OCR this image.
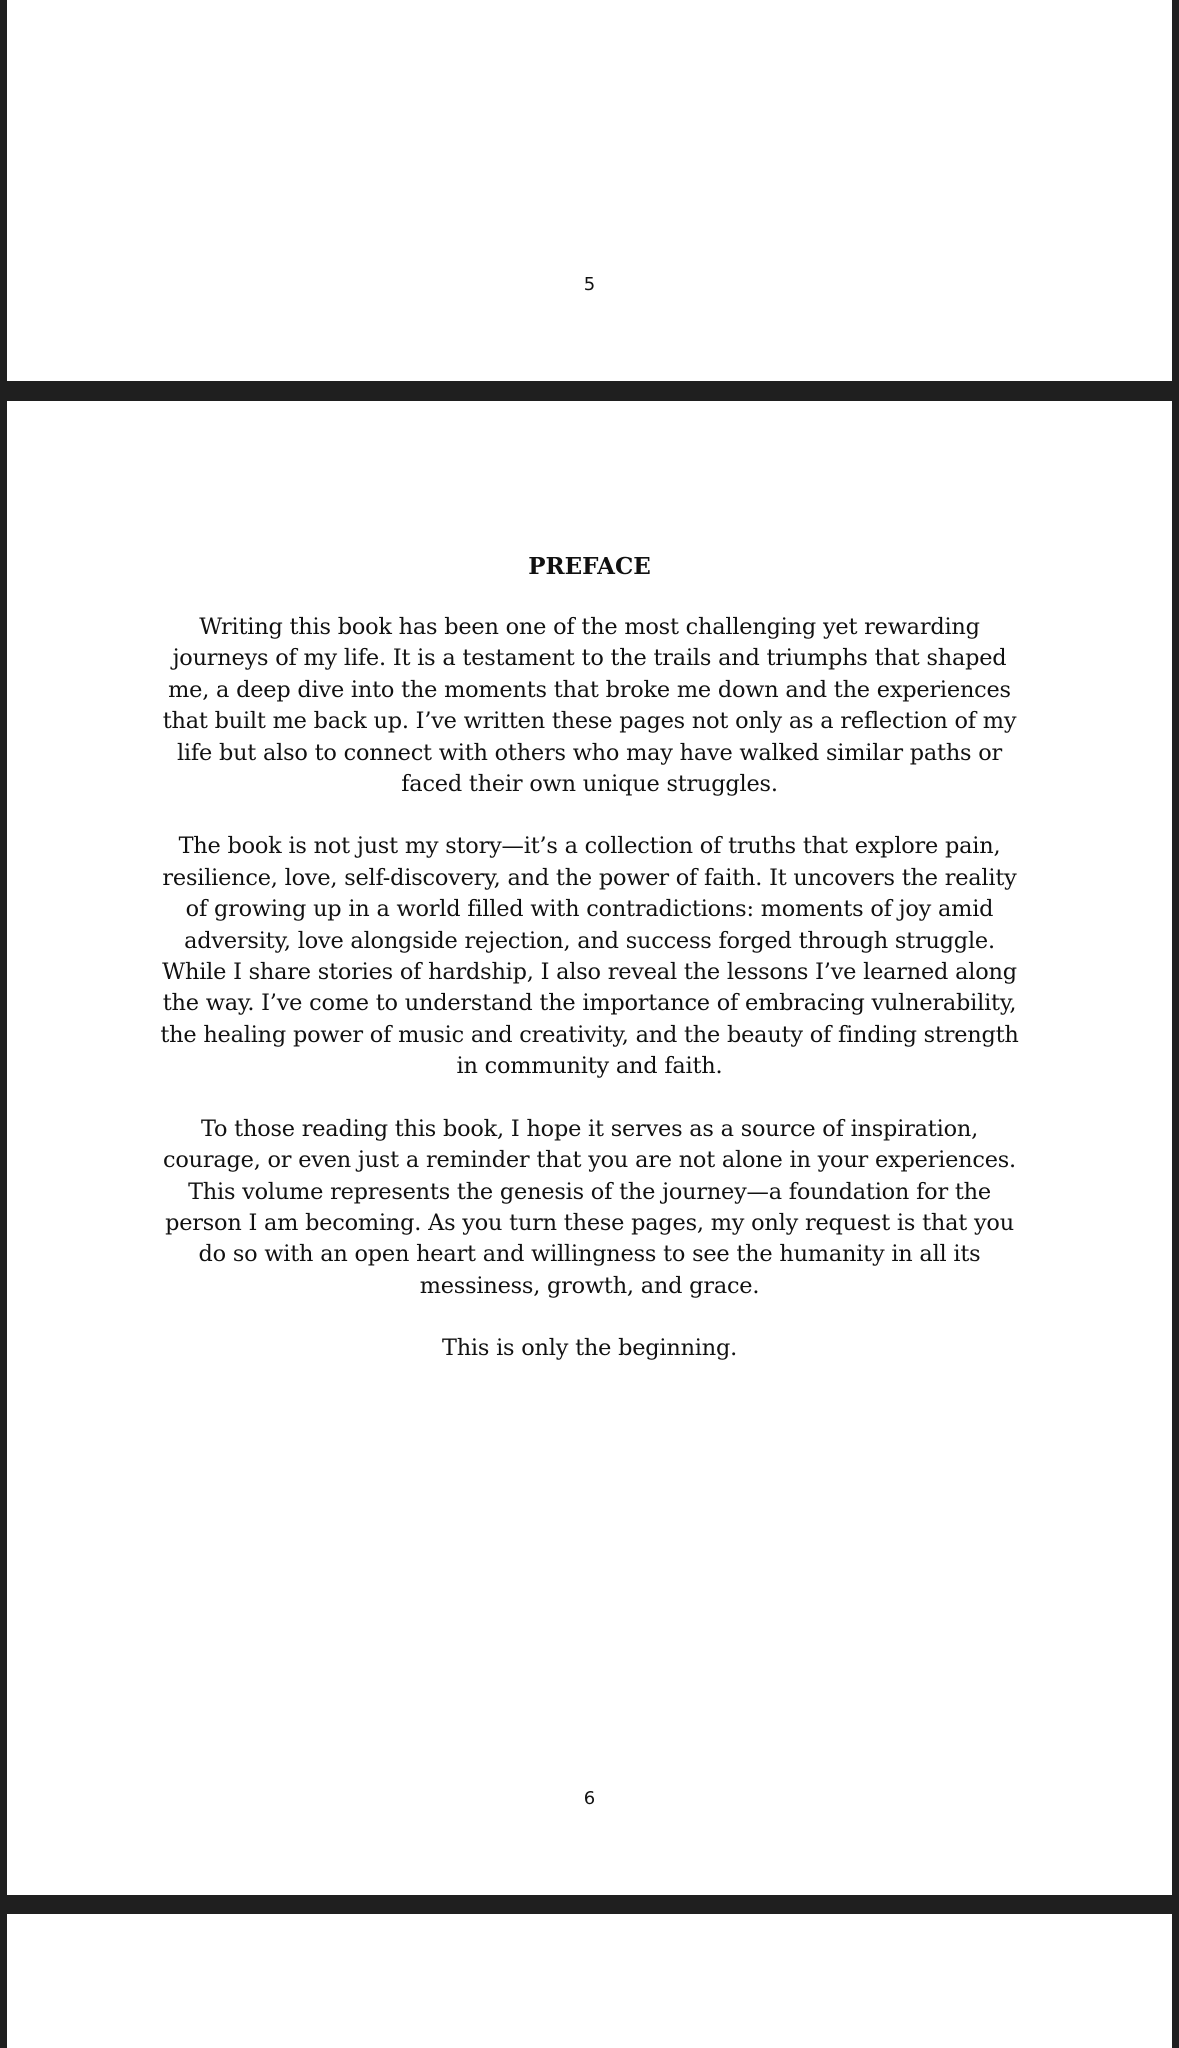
5

PREFACE

Writing this book has been one of the most challenging yet rewarding journeys of my life. It is a testament to the trails and triumphs that shaped me, a deep dive into the moments that broke me down and the experiences that built me back up. I’ve written these pages not only as a reflection of my life but also to connect with others who may have walked similar paths or faced their own unique struggles.

The book is not just my story—it’s a collection of truths that explore pain, resilience, love, self-discovery, and the power of faith. It uncovers the reality of growing up in a world filled with contradictions: moments of joy amid adversity, love alongside rejection, and success forged through struggle. While I share stories of hardship, I also reveal the lessons I’ve learned along the way. I’ve come to understand the importance of embracing vulnerability, the healing power of music and creativity, and the beauty of finding strength in community and faith.

To those reading this book, I hope it serves as a source of inspiration, courage, or even just a reminder that you are not alone in your experiences. This volume represents the genesis of the journey—a foundation for the person I am becoming. As you turn these pages, my only request is that you do so with an open heart and willingness to see the humanity in all its messiness, growth, and grace.

This is only the beginning.

6
